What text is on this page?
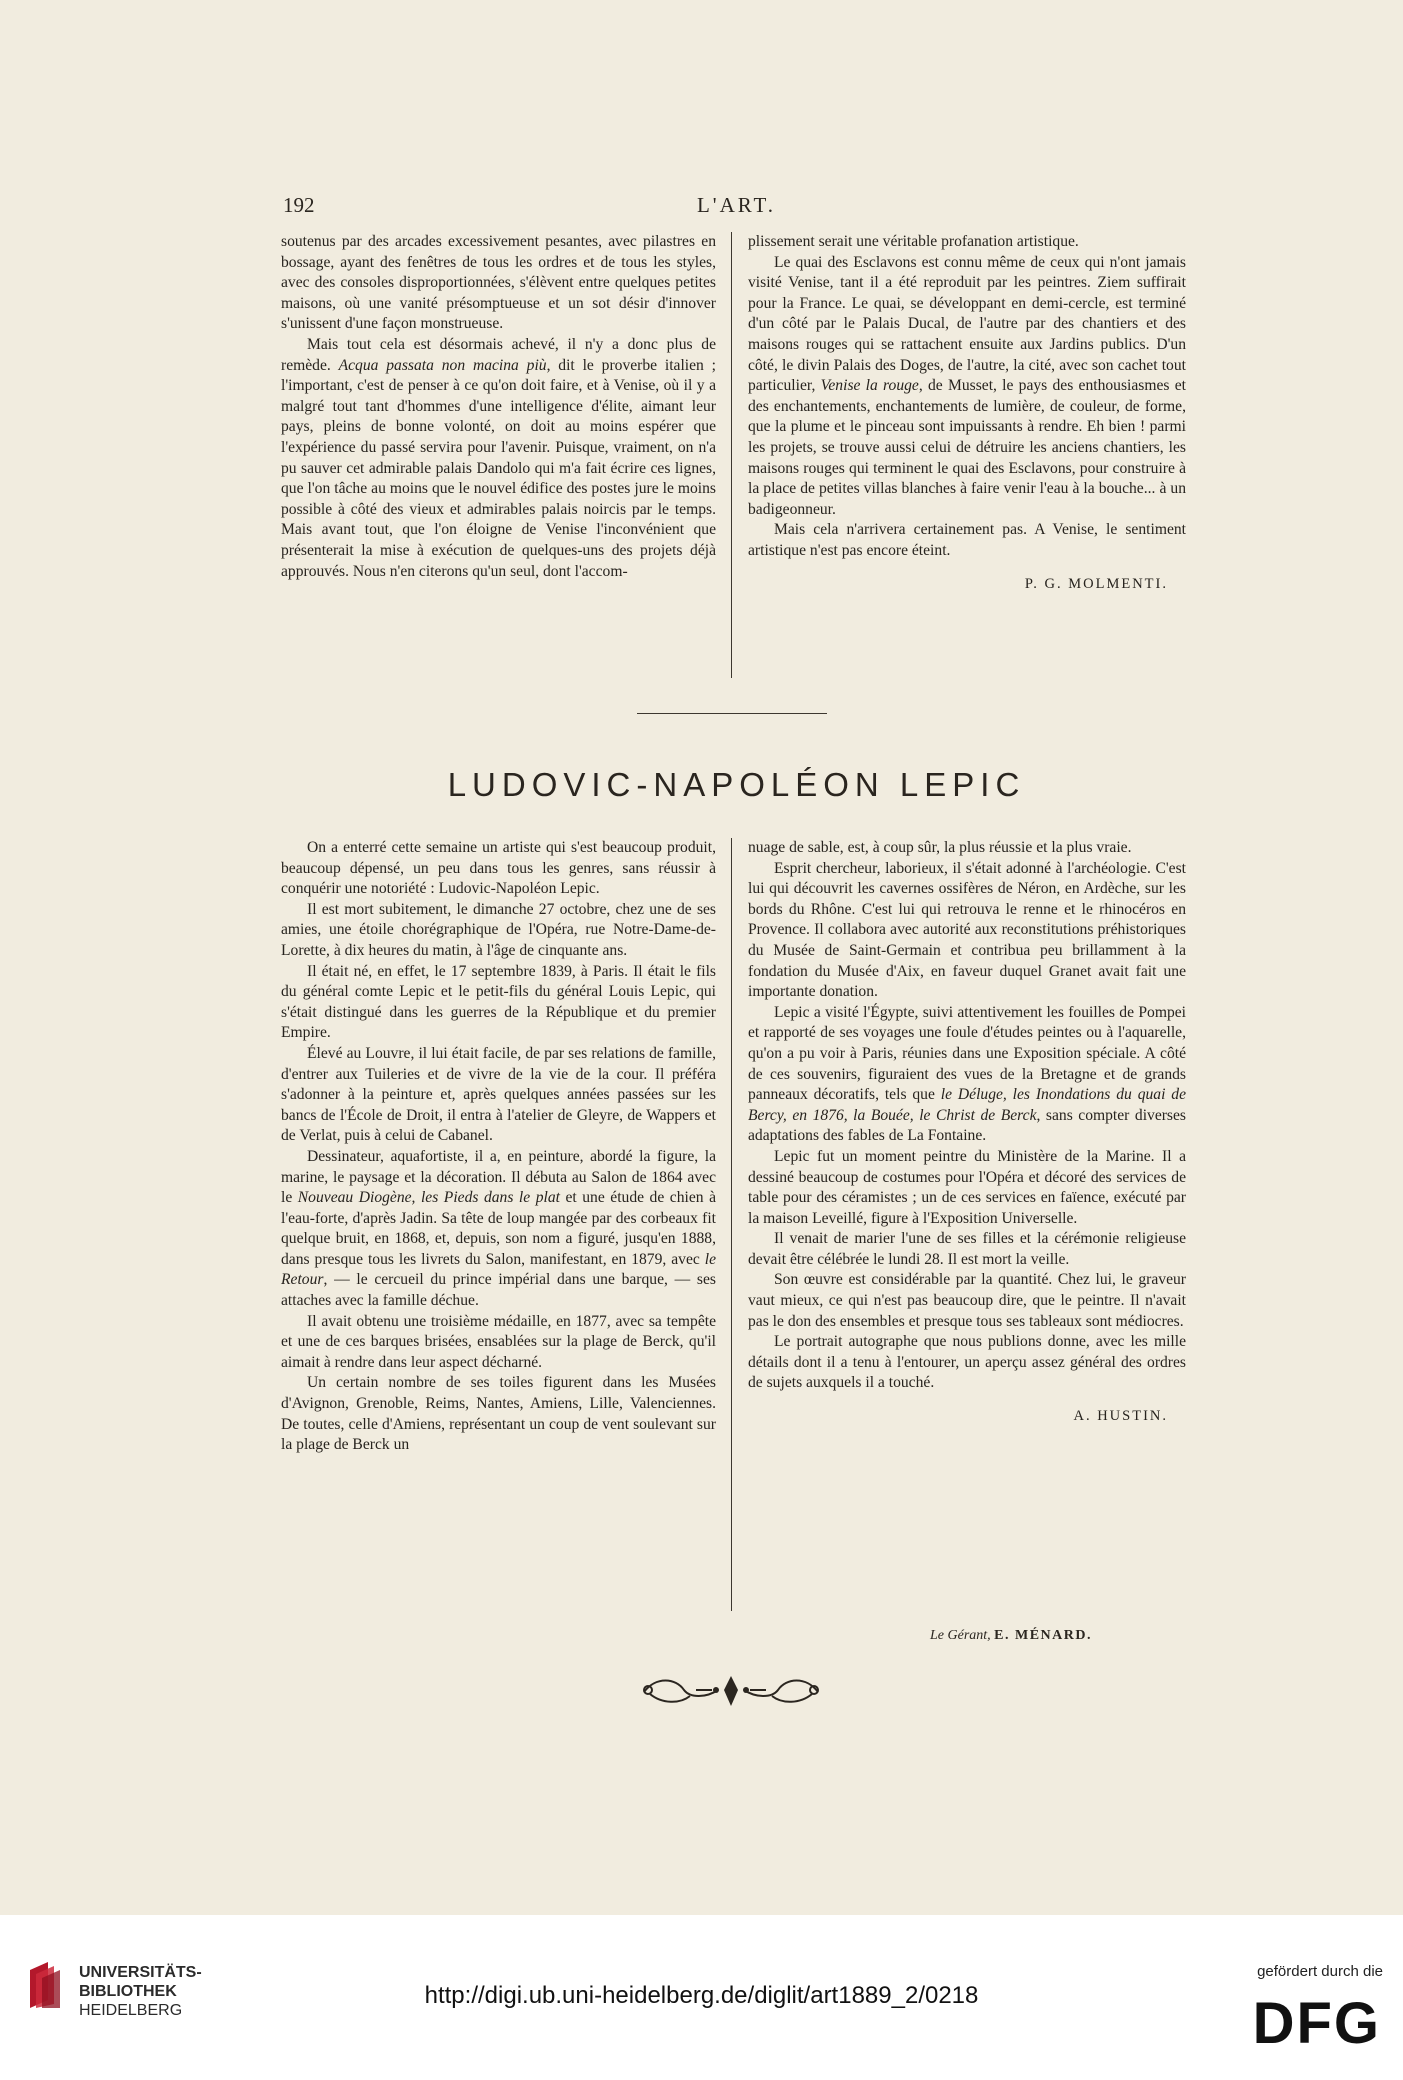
192	L'ART.

soutenus par des arcades excessivement pesantes, avec pilastres en bossage, ayant des fenêtres de tous les ordres et de tous les styles, avec des consoles disproportionnées, s'élèvent entre quelques petites maisons, où une vanité présomptueuse et un sot désir d'innover s'unissent d'une façon monstrueuse.

Mais tout cela est désormais achevé, il n'y a donc plus de remède. Acqua passata non macina più, dit le proverbe italien ; l'important, c'est de penser à ce qu'on doit faire, et à Venise, où il y a malgré tout tant d'hommes d'une intelligence d'élite, aimant leur pays, pleins de bonne volonté, on doit au moins espérer que l'expérience du passé servira pour l'avenir. Puisque, vraiment, on n'a pu sauver cet admirable palais Dandolo qui m'a fait écrire ces lignes, que l'on tâche au moins que le nouvel édifice des postes jure le moins possible à côté des vieux et admirables palais noircis par le temps. Mais avant tout, que l'on éloigne de Venise l'inconvénient que présenterait la mise à exécution de quelques-uns des projets déjà approuvés. Nous n'en citerons qu'un seul, dont l'accom-

plissement serait une véritable profanation artistique.

Le quai des Esclavons est connu même de ceux qui n'ont jamais visité Venise, tant il a été reproduit par les peintres. Ziem suffirait pour la France. Le quai, se développant en demi-cercle, est terminé d'un côté par le Palais Ducal, de l'autre par des chantiers et des maisons rouges qui se rattachent ensuite aux Jardins publics. D'un côté, le divin Palais des Doges, de l'autre, la cité, avec son cachet tout particulier, Venise la rouge, de Musset, le pays des enthousiasmes et des enchantements, enchantements de lumière, de couleur, de forme, que la plume et le pinceau sont impuissants à rendre. Eh bien ! parmi les projets, se trouve aussi celui de détruire les anciens chantiers, les maisons rouges qui terminent le quai des Esclavons, pour construire à la place de petites villas blanches à faire venir l'eau à la bouche... à un badigeonneur.

Mais cela n'arrivera certainement pas. A Venise, le sentiment artistique n'est pas encore éteint.

P. G. MOLMENTI.

LUDOVIC-NAPOLÉON LEPIC

On a enterré cette semaine un artiste qui s'est beaucoup produit, beaucoup dépensé, un peu dans tous les genres, sans réussir à conquérir une notoriété : Ludovic-Napoléon Lepic.

Il est mort subitement, le dimanche 27 octobre, chez une de ses amies, une étoile chorégraphique de l'Opéra, rue Notre-Dame-de-Lorette, à dix heures du matin, à l'âge de cinquante ans.

Il était né, en effet, le 17 septembre 1839, à Paris. Il était le fils du général comte Lepic et le petit-fils du général Louis Lepic, qui s'était distingué dans les guerres de la République et du premier Empire.

Élevé au Louvre, il lui était facile, de par ses relations de famille, d'entrer aux Tuileries et de vivre de la vie de la cour. Il préféra s'adonner à la peinture et, après quelques années passées sur les bancs de l'École de Droit, il entra à l'atelier de Gleyre, de Wappers et de Verlat, puis à celui de Cabanel.

Dessinateur, aquafortiste, il a, en peinture, abordé la figure, la marine, le paysage et la décoration. Il débuta au Salon de 1864 avec le Nouveau Diogène, les Pieds dans le plat et une étude de chien à l'eau-forte, d'après Jadin. Sa tête de loup mangée par des corbeaux fit quelque bruit, en 1868, et, depuis, son nom a figuré, jusqu'en 1888, dans presque tous les livrets du Salon, manifestant, en 1879, avec le Retour, — le cercueil du prince impérial dans une barque, — ses attaches avec la famille déchue.

Il avait obtenu une troisième médaille, en 1877, avec sa tempête et une de ces barques brisées, ensablées sur la plage de Berck, qu'il aimait à rendre dans leur aspect décharné.

Un certain nombre de ses toiles figurent dans les Musées d'Avignon, Grenoble, Reims, Nantes, Amiens, Lille, Valenciennes. De toutes, celle d'Amiens, représentant un coup de vent soulevant sur la plage de Berck un

nuage de sable, est, à coup sûr, la plus réussie et la plus vraie.

Esprit chercheur, laborieux, il s'était adonné à l'archéologie. C'est lui qui découvrit les cavernes ossifères de Néron, en Ardèche, sur les bords du Rhône. C'est lui qui retrouva le renne et le rhinocéros en Provence. Il collabora avec autorité aux reconstitutions préhistoriques du Musée de Saint-Germain et contribua peu brillamment à la fondation du Musée d'Aix, en faveur duquel Granet avait fait une importante donation.

Lepic a visité l'Égypte, suivi attentivement les fouilles de Pompei et rapporté de ses voyages une foule d'études peintes ou à l'aquarelle, qu'on a pu voir à Paris, réunies dans une Exposition spéciale. A côté de ces souvenirs, figuraient des vues de la Bretagne et de grands panneaux décoratifs, tels que le Déluge, les Inondations du quai de Bercy, en 1876, la Bouée, le Christ de Berck, sans compter diverses adaptations des fables de La Fontaine.

Lepic fut un moment peintre du Ministère de la Marine. Il a dessiné beaucoup de costumes pour l'Opéra et décoré des services de table pour des céramistes ; un de ces services en faïence, exécuté par la maison Leveillé, figure à l'Exposition Universelle.

Il venait de marier l'une de ses filles et la cérémonie religieuse devait être célébrée le lundi 28. Il est mort la veille.

Son œuvre est considérable par la quantité. Chez lui, le graveur vaut mieux, ce qui n'est pas beaucoup dire, que le peintre. Il n'avait pas le don des ensembles et presque tous ses tableaux sont médiocres.

Le portrait autographe que nous publions donne, avec les mille détails dont il a tenu à l'entourer, un aperçu assez général des ordres de sujets auxquels il a touché.

A. HUSTIN.

Le Gérant, E. MÉNARD.
UNIVERSITÄTS-
BIBLIOTHEK
HEIDELBERG
http://digi.ub.uni-heidelberg.de/diglit/art1889_2/0218
gefördert durch die
DFG
